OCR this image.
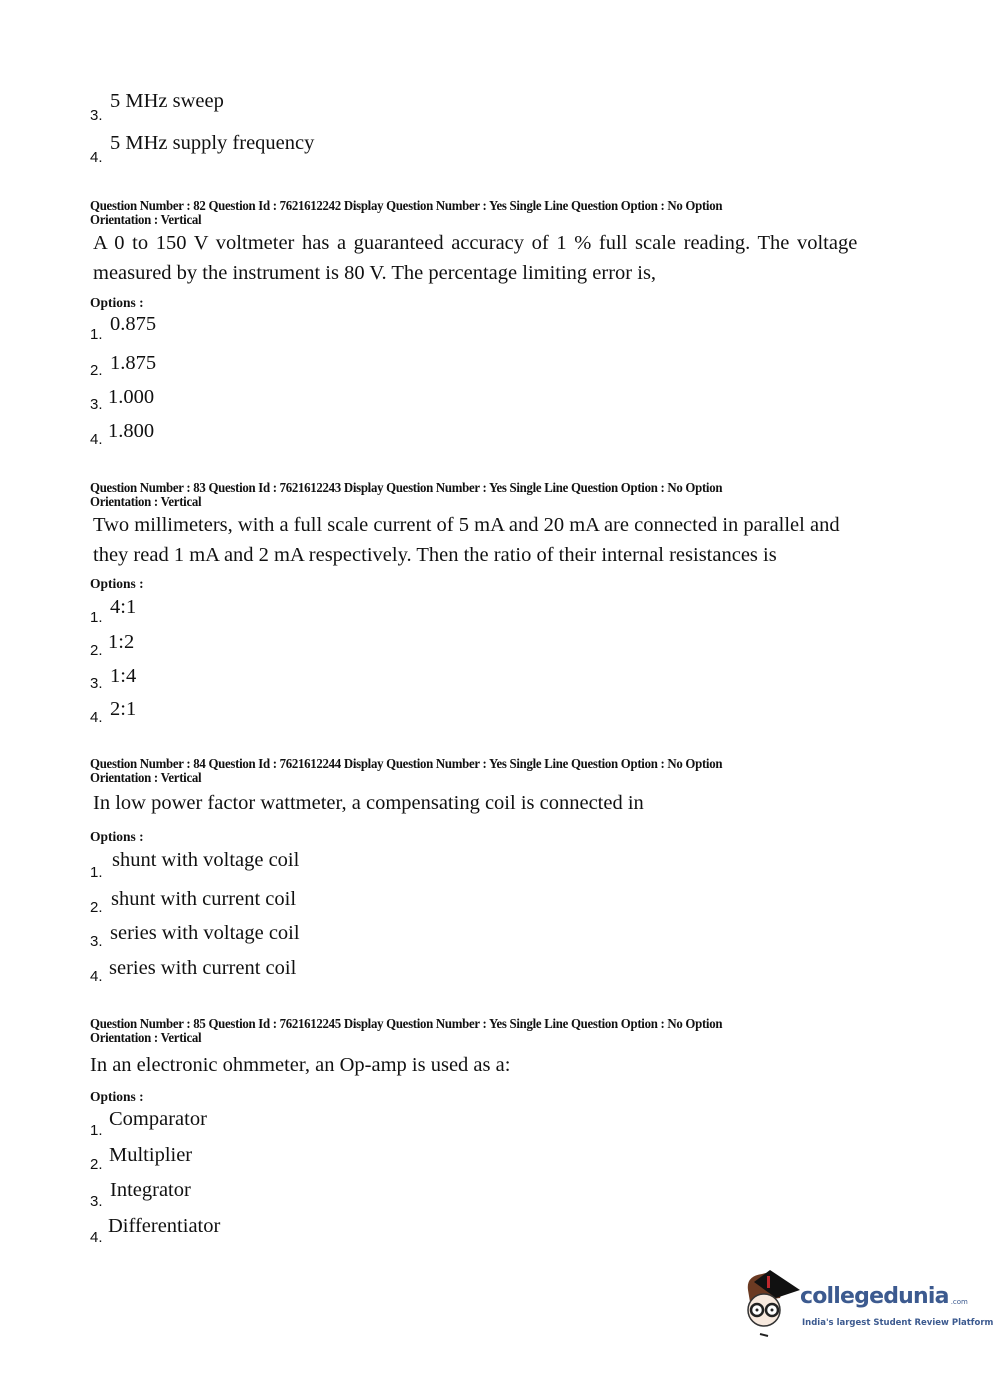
3.
5 MHz sweep
4.
5 MHz supply frequency
Question Number : 82 Question Id : 7621612242 Display Question Number : Yes Single Line Question Option : No Option
Orientation : Vertical
A 0 to 150 V voltmeter has a guaranteed accuracy of 1 % full scale reading. The voltage
measured by the instrument is 80 V. The percentage limiting error is,
Options :
1. 0.875
2. 1.875
3. 1.000
4. 1.800
Question Number : 83 Question Id : 7621612243 Display Question Number : Yes Single Line Question Option : No Option
Orientation : Vertical
Two millimeters, with a full scale current of 5 mA and 20 mA are connected in parallel and
they read 1 mA and 2 mA respectively. Then the ratio of their internal resistances is
Options :
1. 4:1
2. 1:2
3. 1:4
4. 2:1
Question Number : 84 Question Id : 7621612244 Display Question Number : Yes Single Line Question Option : No Option
Orientation : Vertical
In low power factor wattmeter, a compensating coil is connected in
Options :
1.
shunt with voltage coil
2. shunt with current coil
3. series with voltage coil
4. series with current coil
Question Number : 85 Question Id : 7621612245 Display Question Number : Yes Single Line Question Option : No Option
Orientation : Vertical
In an electronic ohmmeter, an Op-amp is used as a:
Options :
1.
Comparator
2. Multiplier
3.
Integrator
4.
Differentiator
collegedunia .com
India's largest Student Review Platform
